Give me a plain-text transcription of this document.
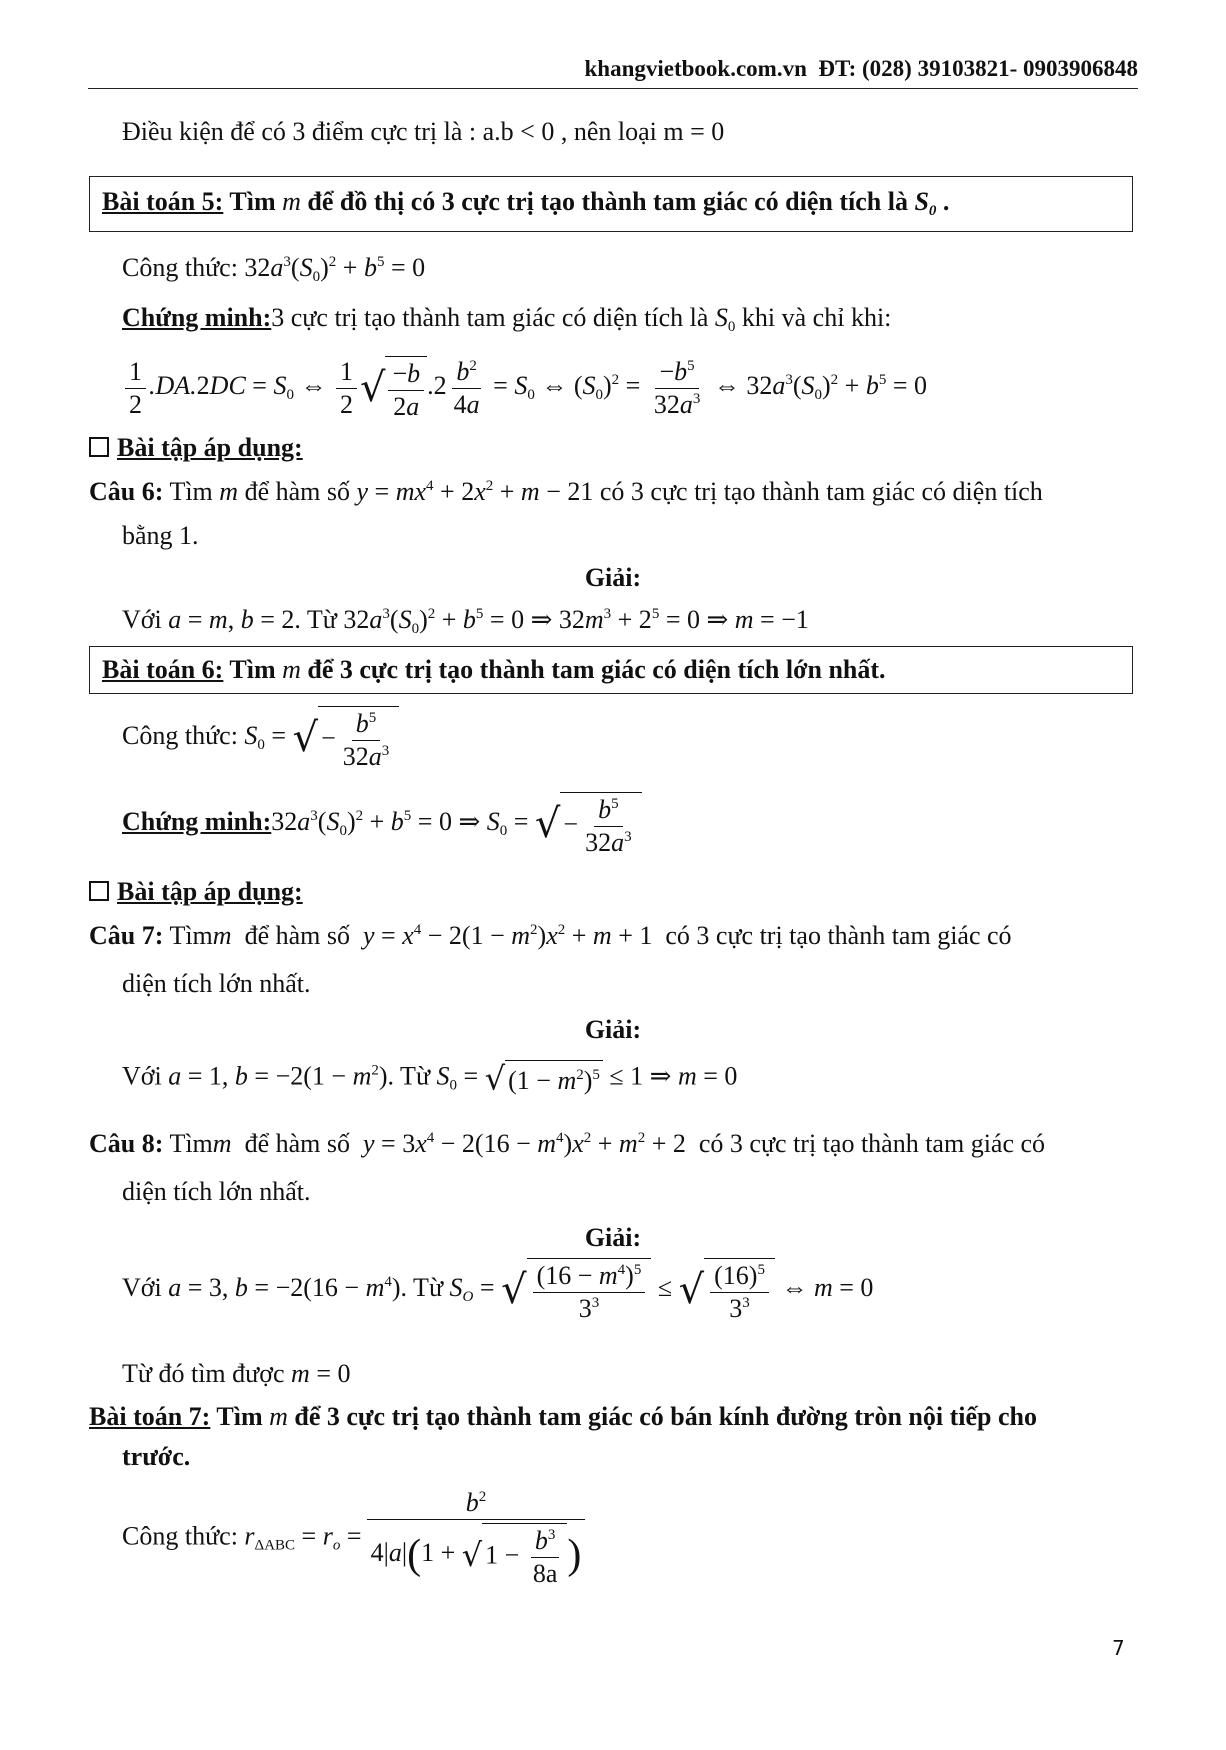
khangvietbook.com.vn ĐT: (028) 39103821- 0903906848
Điều kiện để có 3 điểm cực trị là : a.b < 0 , nên loại m = 0
Bài toán 5: Tìm m để đồ thị có 3 cực trị tạo thành tam giác có diện tích là $S_0$ .
Công thức: $32a^3(S_0)^2 + b^5 = 0$
Chứng minh:3 cực trị tạo thành tam giác có diện tích là $S_0$ khi và chỉ khi:
$\frac{1}{2} .DA.2DC = S_0$ ⇔ $\frac{1}{2}$ √ $\frac{-b}{2a} .2 \frac{b^2}{4a} = S_0$ ⇔ $(S_0)^2 = \frac{-b^5}{32a^3}$ ⇔ $32a^3(S_0)^2 + b^5 = 0$
Bài tập áp dụng:
Câu 6: Tìm m để hàm số $y = mx^4 + 2x^2 + m - 21$ có 3 cực trị tạo thành tam giác có diện tích
bằng 1.
Giải:
Với a = m, b = 2. Từ $32a^3(S_0)^2 + b^5 = 0$ ⇒ $32m^3 + 2^5 = 0$ ⇒ m = −1
Bài toán 6: Tìm m để 3 cực trị tạo thành tam giác có diện tích lớn nhất.
Công thức: $S_0$ = √ − $\frac{b^5}{32a^3}$
Chứng $\min h:32a^3(S_0)^2 + b^5 = 0$ ⇒ $S_0$ = √ − $\frac{b^5}{32a^3}$
Bài tập áp dụng:
Câu 7: Tìmm để hàm số $y = x^4 - 2(1 - m^2)x^2 + m + 1$  có 3 cực trị tạo thành tam giác có
diện tích lớn nhất.
Giải:
Với a = 1, $b = -2(1 - m^2)$. Từ $S_0$ = √ $(1 - m^2)^5 \le 1$ ⇒ m = 0
Câu 8: Tìmm để hàm số $y = 3x^4 - 2(16 - m^4)x^2 + m^2 + 2$  có 3 cực trị tạo thành tam giác có
diện tích lớn nhất.
Giải:
Với a = 3, $b = -2(16 - m^4)$. Từ $S_O$ = √ $\frac{(16 - m^4)^5}{3^3}$ ≤ √ $\frac{(16)^5}{3^3}$ ⇔ m = 0
Từ đó tìm được m = 0
Bài toán 7: Tìm m để 3 cực trị tạo thành tam giác có bán kính đường tròn nội tiếp cho
trước.
Công thức: $r_{\Delta ABC} = r_o = \frac{b^2}{4|a|(1 + √ 1 - \frac{b^3}{8a} )}$
7
